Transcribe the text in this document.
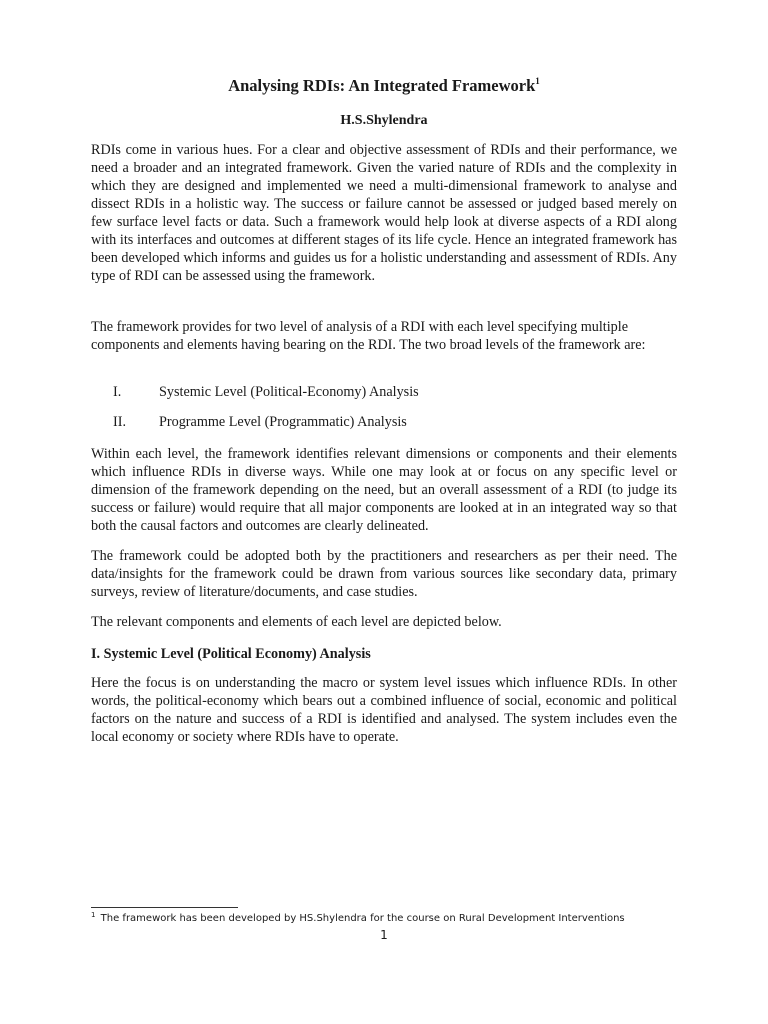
Analysing RDIs: An Integrated Framework$^1$

H.S.Shylendra

RDIs come in various hues. For a clear and objective assessment of RDIs and their performance, we need a broader and an integrated framework. Given the varied nature of RDIs and the complexity in which they are designed and implemented we need a multi-dimensional framework to analyse and dissect RDIs in a holistic way. The success or failure cannot be assessed or judged based merely on few surface level facts or data. Such a framework would help look at diverse aspects of a RDI along with its interfaces and outcomes at different stages of its life cycle. Hence an integrated framework has been developed which informs and guides us for a holistic understanding and assessment of RDIs. Any type of RDI can be assessed using the framework.

The framework provides for two level of analysis of a RDI with each level specifying multiple components and elements having bearing on the RDI. The two broad levels of the framework are:

I.	Systemic Level (Political-Economy) Analysis
II. Programme Level (Programmatic) Analysis

Within each level, the framework identifies relevant dimensions or components and their elements which influence RDIs in diverse ways. While one may look at or focus on any specific level or dimension of the framework depending on the need, but an overall assessment of a RDI (to judge its success or failure) would require that all major components are looked at in an integrated way so that both the causal factors and outcomes are clearly delineated.

The framework could be adopted both by the practitioners and researchers as per their need. The data/insights for the framework could be drawn from various sources like secondary data, primary surveys, review of literature/documents, and case studies.

The relevant components and elements of each level are depicted below.

I. Systemic Level (Political Economy) Analysis

Here the focus is on understanding the macro or system level issues which influence RDIs. In other words, the political-economy which bears out a combined influence of social, economic and political factors on the nature and success of a RDI is identified and analysed. The system includes even the local economy or society where RDIs have to operate.

$^1$ The framework has been developed by HS.Shylendra for the course on Rural Development Interventions

1
